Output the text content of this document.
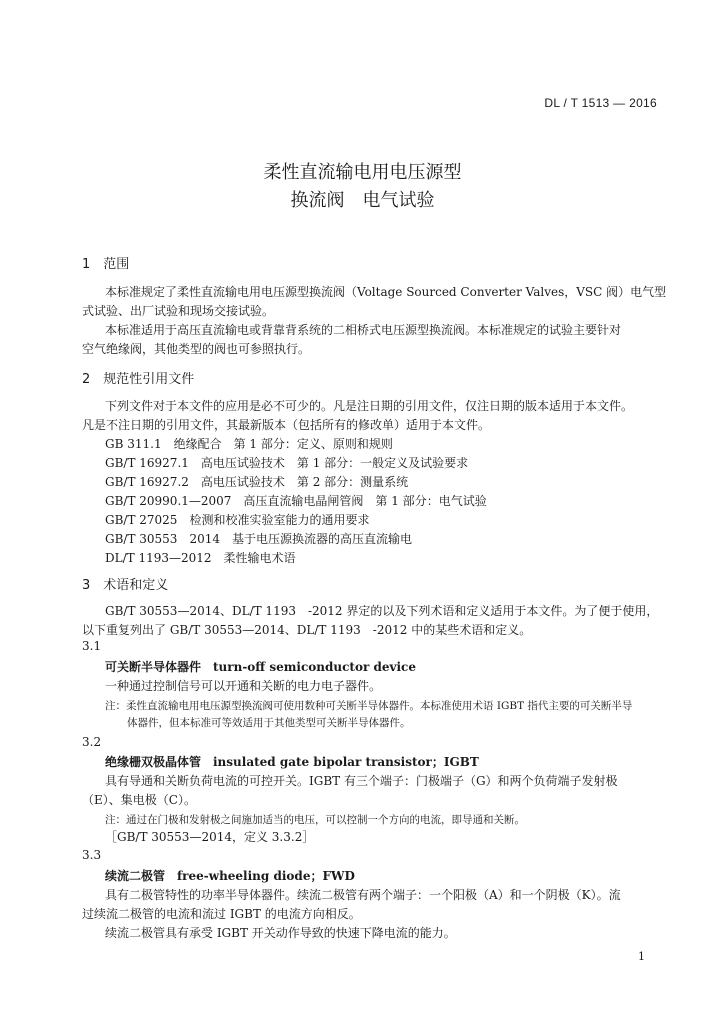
DL / T 1513 — 2016
柔性直流输电用电压源型
换流阀　电气试验
1　范围
本标准规定了柔性直流输电用电压源型换流阀（Voltage Sourced Converter Valves，VSC 阀）电气型
式试验、出厂试验和现场交接试验。
本标准适用于高压直流输电或背靠背系统的二相桥式电压源型换流阀。本标准规定的试验主要针对
空气绝缘阀，其他类型的阀也可参照执行。
2　规范性引用文件
下列文件对于本文件的应用是必不可少的。凡是注日期的引用文件，仅注日期的版本适用于本文件。
凡是不注日期的引用文件，其最新版本（包括所有的修改单）适用于本文件。
GB 311.1　绝缘配合　第 1 部分：定义、原则和规则
GB/T 16927.1　高电压试验技术　第 1 部分：一般定义及试验要求
GB/T 16927.2　高电压试验技术　第 2 部分：测量系统
GB/T 20990.1—2007　高压直流输电晶闸管阀　第 1 部分：电气试验
GB/T 27025　检测和校准实验室能力的通用要求
GB/T 30553　2014　基于电压源换流器的高压直流输电
DL/T 1193—2012　柔性输电术语
3　术语和定义
GB/T 30553—2014、DL/T 1193　-2012 界定的以及下列术语和定义适用于本文件。为了便于使用，
以下重复列出了 GB/T 30553—2014、DL/T 1193　-2012 中的某些术语和定义。
3.1
可关断半导体器件　turn-off semiconductor device
一种通过控制信号可以开通和关断的电力电子器件。
注：柔性直流输电用电压源型换流阀可使用数种可关断半导体器件。本标准使用术语 IGBT 指代主要的可关断半导
体器件，但本标准可等效适用于其他类型可关断半导体器件。
3.2
绝缘栅双极晶体管　insulated gate bipolar transistor；IGBT
具有导通和关断负荷电流的可控开关。IGBT 有三个端子：门极端子（G）和两个负荷端子发射极
（E）、集电极（C）。
注：通过在门极和发射极之间施加适当的电压，可以控制一个方向的电流，即导通和关断。
［GB/T 30553—2014，定义 3.3.2］
3.3
续流二极管　free-wheeling diode；FWD
具有二极管特性的功率半导体器件。续流二极管有两个端子：一个阳极（A）和一个阴极（K）。流
过续流二极管的电流和流过 IGBT 的电流方向相反。
续流二极管具有承受 IGBT 开关动作导致的快速下降电流的能力。
1
